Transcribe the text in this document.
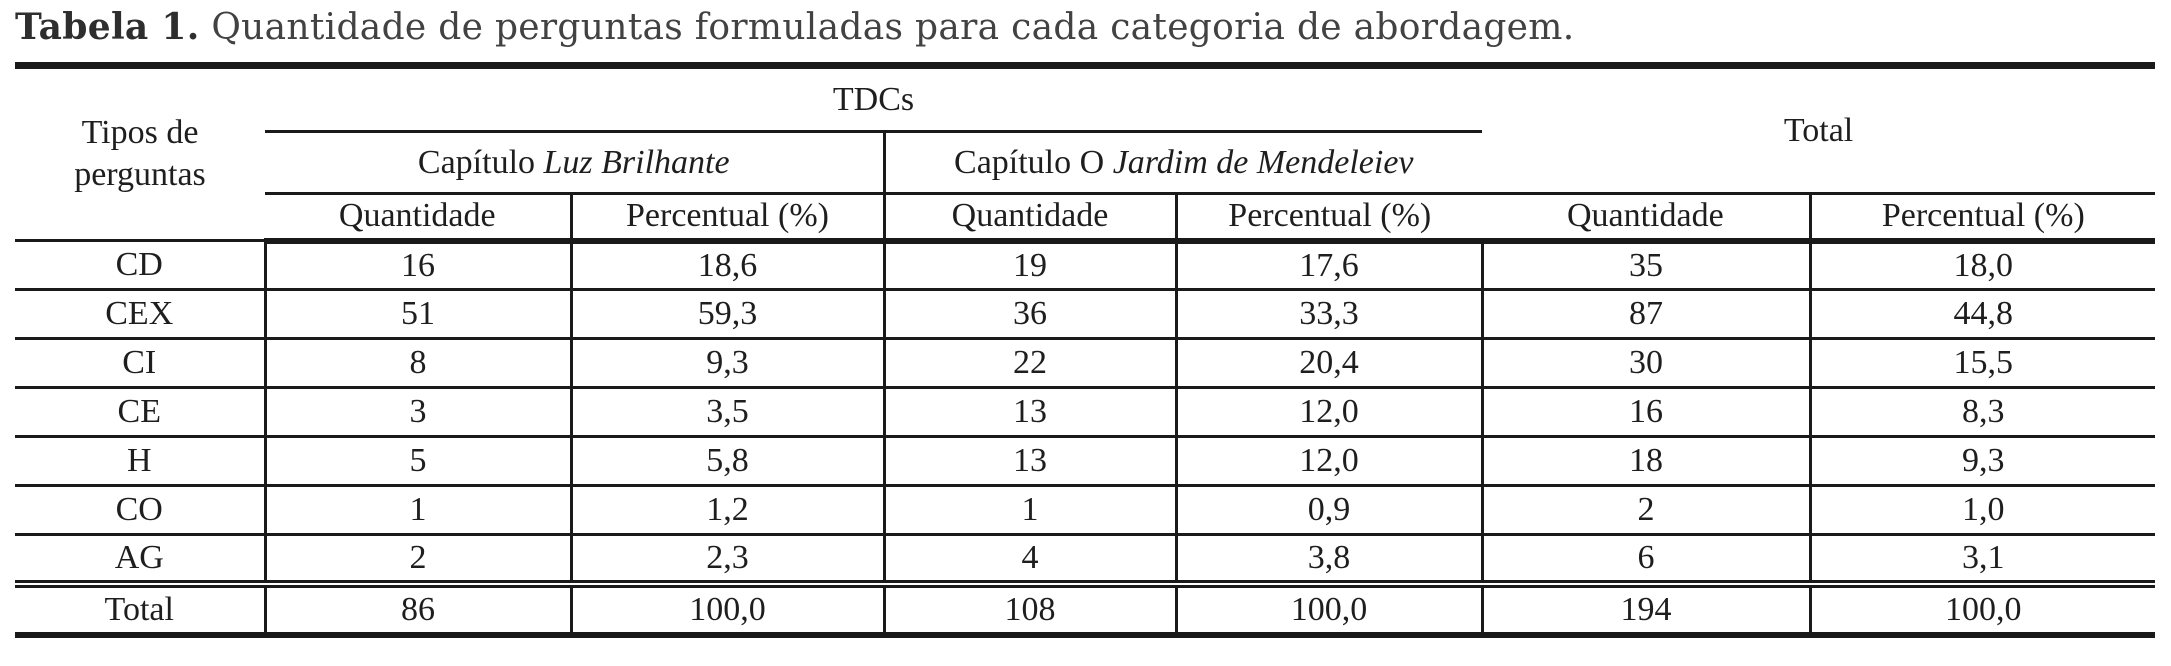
Tabela 1. Quantidade de perguntas formuladas para cada categoria de abordagem.
Tipos de perguntas	TDCs				Total	
	Capítulo Luz Brilhante		Capítulo O Jardim de Mendeleiev			
	Quantidade	Percentual (%)	Quantidade	Percentual (%)	Quantidade	Percentual (%)
CD	16	18,6	19	17,6	35	18,0
CEX	51	59,3	36	33,3	87	44,8
CI	8	9,3	22	20,4	30	15,5
CE	3	3,5	13	12,0	16	8,3
H	5	5,8	13	12,0	18	9,3
CO	1	1,2	1	0,9	2	1,0
AG	2	2,3	4	3,8	6	3,1
Total	86	100,0	108	100,0	194	100,0
